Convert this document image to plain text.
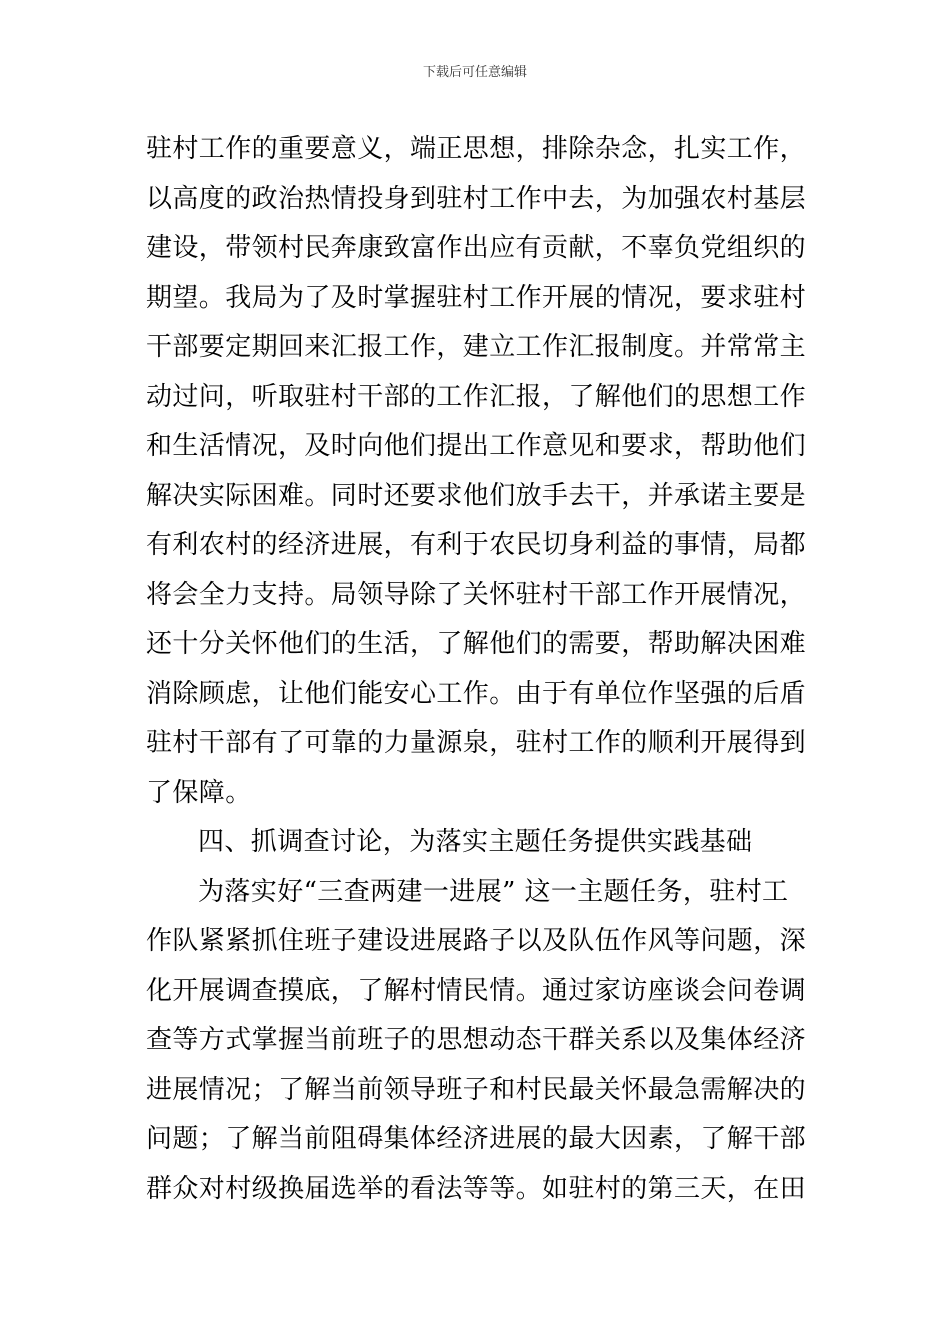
下载后可任意编辑
驻村工作的重要意义，端正思想，排除杂念，扎实工作，
以高度的政治热情投身到驻村工作中去，为加强农村基层
建设，带领村民奔康致富作出应有贡献，不辜负党组织的
期望。我局为了及时掌握驻村工作开展的情况，要求驻村
干部要定期回来汇报工作，建立工作汇报制度。并常常主
动过问，听取驻村干部的工作汇报，了解他们的思想工作
和生活情况，及时向他们提出工作意见和要求，帮助他们
解决实际困难。同时还要求他们放手去干，并承诺主要是
有利农村的经济进展，有利于农民切身利益的事情，局都
将会全力支持。局领导除了关怀驻村干部工作开展情况，
还十分关怀他们的生活，了解他们的需要，帮助解决困难
消除顾虑，让他们能安心工作。由于有单位作坚强的后盾
驻村干部有了可靠的力量源泉，驻村工作的顺利开展得到
了保障。
四、抓调查讨论，为落实主题任务提供实践基础
为落实好“三查两建一进展” 这一主题任务，驻村工
作队紧紧抓住班子建设进展路子以及队伍作风等问题，深
化开展调查摸底，了解村情民情。通过家访座谈会问卷调
查等方式掌握当前班子的思想动态干群关系以及集体经济
进展情况；了解当前领导班子和村民最关怀最急需解决的
问题；了解当前阻碍集体经济进展的最大因素，了解干部
群众对村级换届选举的看法等等。如驻村的第三天，在田
